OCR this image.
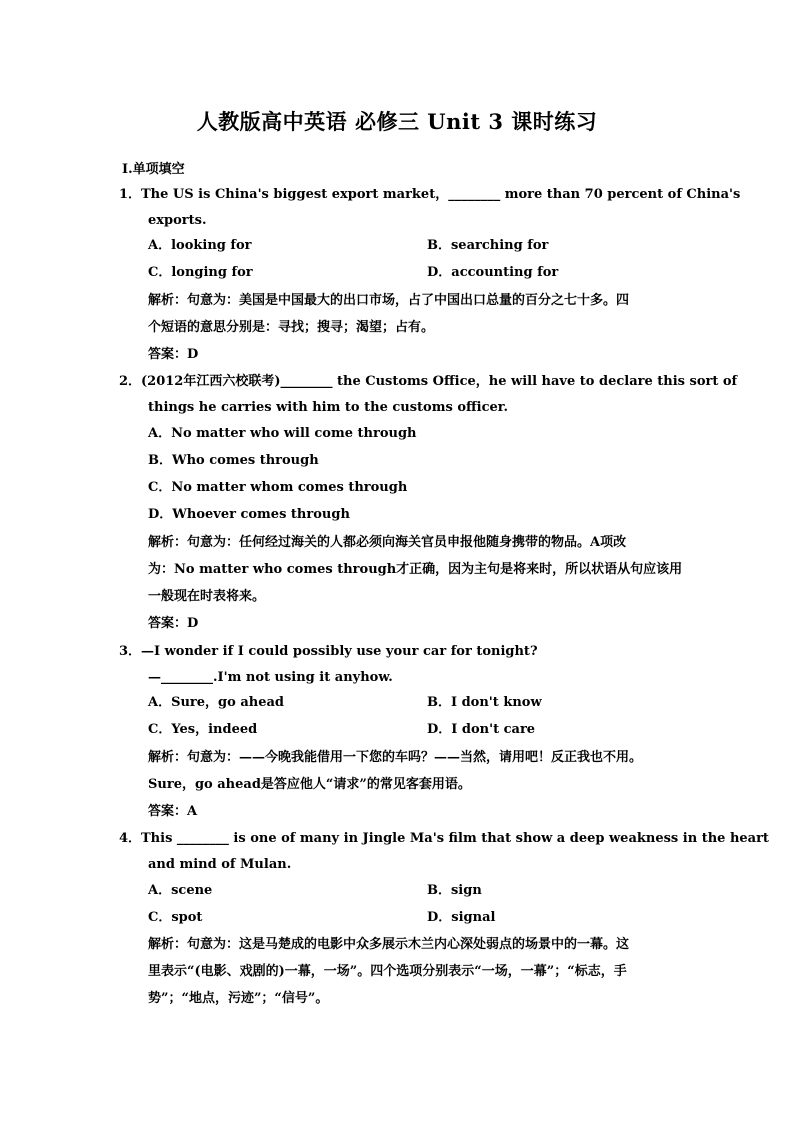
人教版高中英语 必修三 Unit 3 课时练习
Ⅰ.单项填空
1． The US is China's biggest export market，________ more than 70 percent of China's
exports.
A．looking for	B．searching for
C．longing for	D．accounting for
解析：句意为：美国是中国最大的出口市场，占了中国出口总量的百分之七十多。四
个短语的意思分别是：寻找；搜寻；渴望；占有。
答案：D
2． (2012年江西六校联考)________ the Customs Office，he will have to declare this sort of
things he carries with him to the customs officer.
A．No matter who will come through
B．Who comes through
C．No matter whom comes through
D．Whoever comes through
解析：句意为：任何经过海关的人都必须向海关官员申报他随身携带的物品。A项改
为：No matter who comes through才正确，因为主句是将来时，所以状语从句应该用
一般现在时表将来。
答案：D
3． —I wonder if I could possibly use your car for tonight?
—________.I'm not using it anyhow.
A．Sure，go ahead	B．I don't know
C．Yes，indeed	D．I don't care
解析：句意为：——今晚我能借用一下您的车吗？——当然，请用吧！反正我也不用。
Sure，go ahead是答应他人“请求”的常见客套用语。
答案：A
4． This ________ is one of many in Jingle Ma's film that show a deep weakness in the heart
and mind of Mulan.
A．scene	B．sign
C．spot	D．signal
解析：句意为：这是马楚成的电影中众多展示木兰内心深处弱点的场景中的一幕。这
里表示“(电影、戏剧的)一幕，一场”。四个选项分别表示“一场，一幕”；“标志，手
势”；“地点，污迹”；“信号”。
